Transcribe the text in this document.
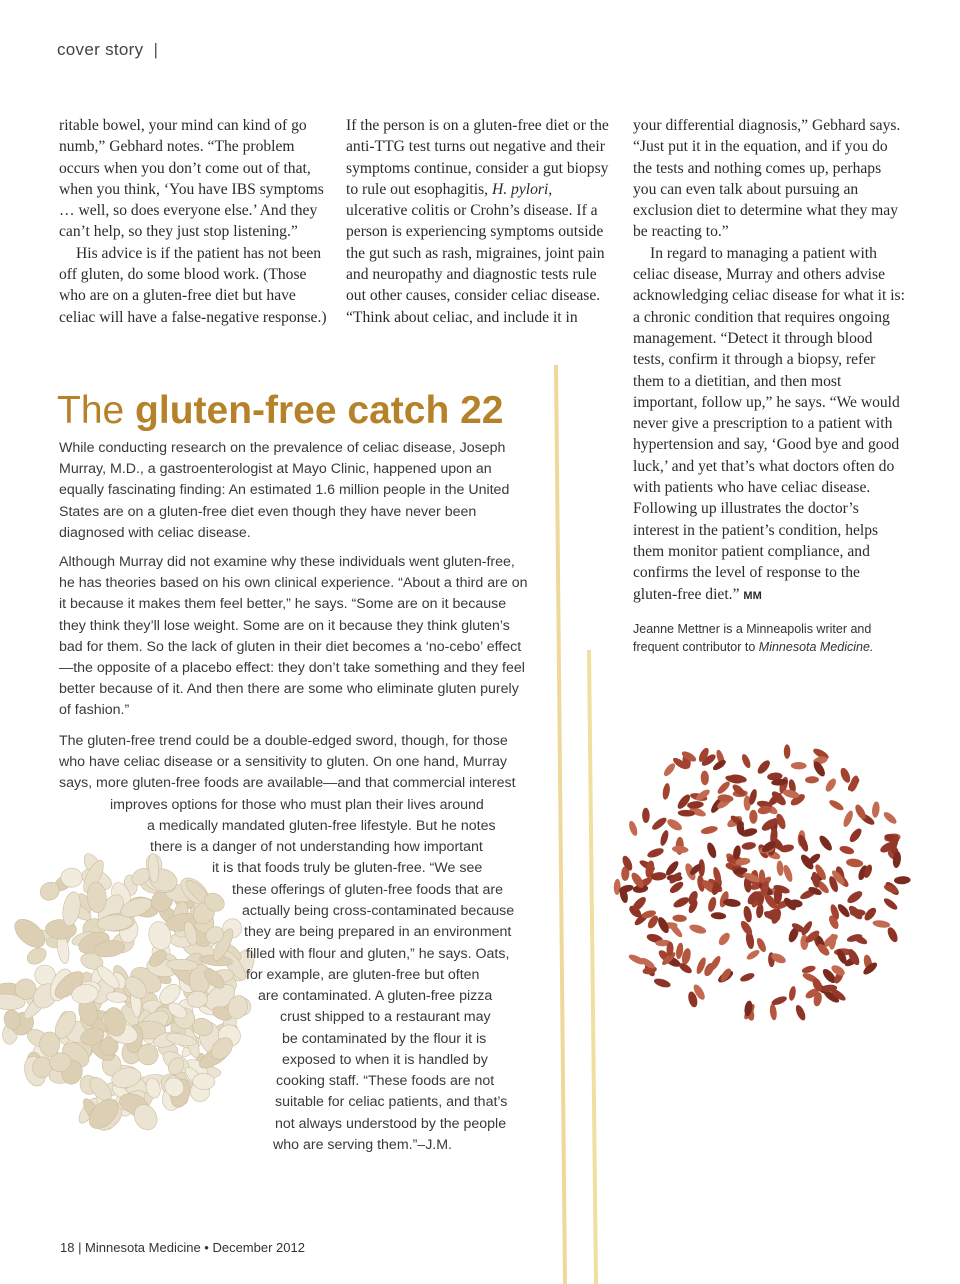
cover story |

ritable bowel, your mind can kind of go numb,” Gebhard notes. “The problem occurs when you don’t come out of that, when you think, ‘You have IBS symptoms … well, so does everyone else.’ And they can’t help, so they just stop listening.”

His advice is if the patient has not been off gluten, do some blood work. (Those who are on a gluten-free diet but have celiac will have a false-negative response.)

If the person is on a gluten-free diet or the anti-TTG test turns out negative and their symptoms continue, consider a gut biopsy to rule out esophagitis, H. pylori, ulcerative colitis or Crohn’s disease. If a person is experiencing symptoms outside the gut such as rash, migraines, joint pain and neuropathy and diagnostic tests rule out other causes, consider celiac disease. “Think about celiac, and include it in

your differential diagnosis,” Gebhard says. “Just put it in the equation, and if you do the tests and nothing comes up, perhaps you can even talk about pursuing an exclusion diet to determine what they may be reacting to.”

In regard to managing a patient with celiac disease, Murray and others advise acknowledging celiac disease for what it is: a chronic condition that requires ongoing management. “Detect it through blood tests, confirm it through a biopsy, refer them to a dietitian, and then most important, follow up,” he says. “We would never give a prescription to a patient with hypertension and say, ‘Good bye and good luck,’ and yet that’s what doctors often do with patients who have celiac disease. Following up illustrates the doctor’s interest in the patient’s condition, helps them monitor patient compliance, and confirms the level of response to the gluten-free diet.” MM

Jeanne Mettner is a Minneapolis writer and frequent contributor to Minnesota Medicine.
The gluten-free catch 22

While conducting research on the prevalence of celiac disease, Joseph Murray, M.D., a gastroenterologist at Mayo Clinic, happened upon an equally fascinating finding: An estimated 1.6 million people in the United States are on a gluten-free diet even though they have never been diagnosed with celiac disease.

Although Murray did not examine why these individuals went gluten-free, he has theories based on his own clinical experience. “About a third are on it because it makes them feel better,” he says. “Some are on it because they think they’ll lose weight. Some are on it because they think gluten’s bad for them. So the lack of gluten in their diet becomes a ‘no-cebo’ effect—the opposite of a placebo effect: they don’t take something and they feel better because of it. And then there are some who eliminate gluten purely of fashion.”

The gluten-free trend could be a double-edged sword, though, for those
who have celiac disease or a sensitivity to gluten. On one hand, Murray
says, more gluten-free foods are available—and that commercial interest
improves options for those who must plan their lives around
a medically mandated gluten-free lifestyle. But he notes
there is a danger of not understanding how important
it is that foods truly be gluten-free. “We see
these offerings of gluten-free foods that are
actually being cross-contaminated because
they are being prepared in an environment
filled with flour and gluten,” he says. Oats,
for example, are gluten-free but often
are contaminated. A gluten-free pizza
crust shipped to a restaurant may
be contaminated by the flour it is
exposed to when it is handled by
cooking staff. “These foods are not
suitable for celiac patients, and that’s
not always understood by the people
who are serving them.”–J.M.
18 | Minnesota Medicine • December 2012
